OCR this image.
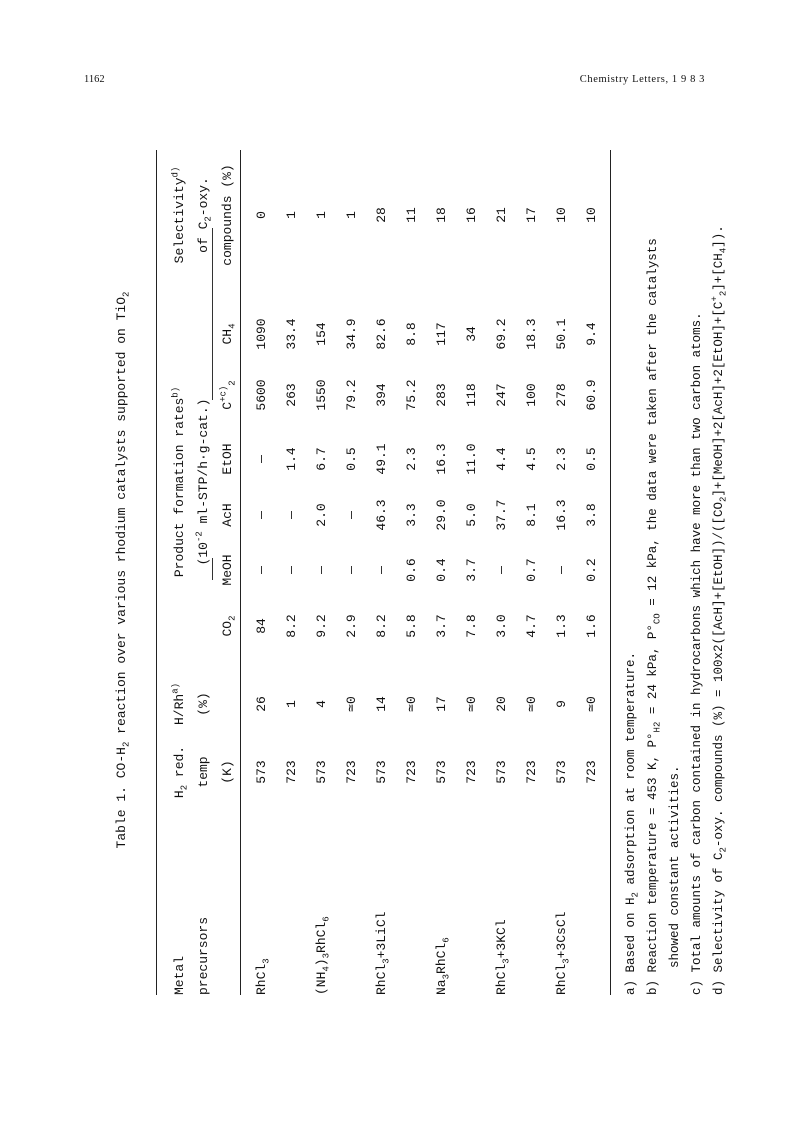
1162	Chemistry Letters, 1 9 8 3
Table 1. $CO-H_2$ reaction over various rhodium catalysts supported on TiO$_2$
Metal precursors
$H_2$ red. temp (K)
H/Rh$^{a)}$
(%)
Product formation rates$^{b)}$
($10^{-2}$ ml-STP/h·g-cat.)
$CO_2$
MeOH
AcH
EtOH
$C^{+c)}_2$
$CH_4$
Selectivity$^{d)}$
of $C_2$-oxy. compounds (%)
RhCl$_3$
573
26
84
—
—
—
5600
1090
0
723
1
8.2
—
—
1.4
263
33.4
1
$(NH_4)_3RhCl_6$
573
4
9.2
—
2.0
6.7
1550
154
1
723
≃0
2.9
—
—
0.5
79.2
34.9
1
RhCl$_3$+3LiCl
573
14
8.2
—
46.3
49.1
394
82.6
28
723
≃0
5.8
0.6
3.3
2.3
75.2
8.8
11
$Na_3RhCl_6$
573
17
3.7
0.4
29.0
16.3
283
117
18
723
≃0
7.8
3.7
5.0
11.0
118
34
16
RhCl$_3$+3KCl
573
20
3.0
—
37.7
4.4
247
69.2
21
723
≃0
4.7
0.7
8.1
4.5
100
18.3
17
RhCl$_3$+3CsCl
573
9
1.3
—
16.3
2.3
278
50.1
10
723
≃0
1.6
0.2
3.8
0.5
60.9
9.4
10
a) Based on $H_2$ adsorption at room temperature. b) Reaction temperature = 453 K, $P^\circ_{H2} = 24$ kPa, $P^\circ_{CO} = 12$ kPa, the data were taken after the catalysts
showed constant activities. c) Total amounts of carbon contained in hydrocarbons which have more than two carbon atoms. d) Selectivity of $C_2$-oxy. compounds (%) = $100x2([AcH]+[EtOH])/([CO_2]+[MeOH]+2[AcH]+2[EtOH]+[C^+_2]+[CH_4])$.
